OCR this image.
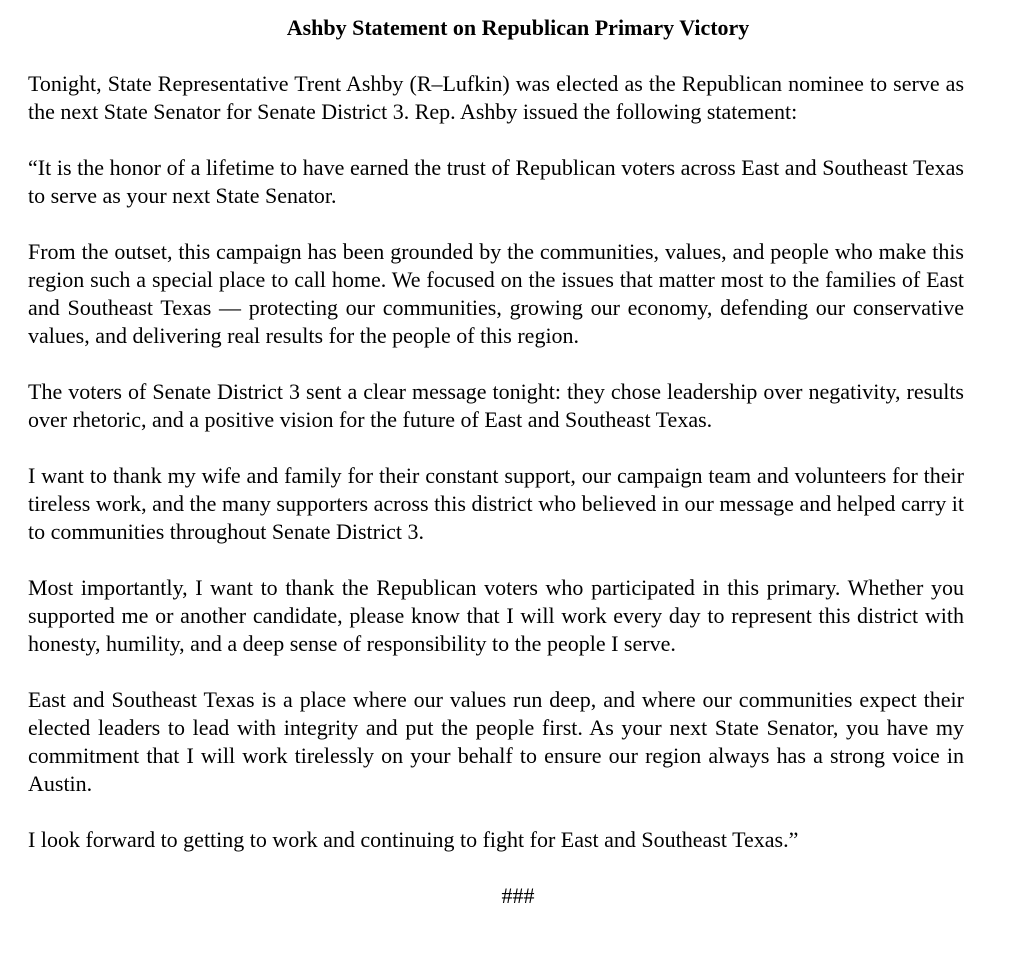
Ashby Statement on Republican Primary Victory

Tonight, State Representative Trent Ashby (R–Lufkin) was elected as the Republican nominee to serve as the next State Senator for Senate District 3. Rep. Ashby issued the following statement:

“It is the honor of a lifetime to have earned the trust of Republican voters across East and Southeast Texas to serve as your next State Senator.

From the outset, this campaign has been grounded by the communities, values, and people who make this region such a special place to call home. We focused on the issues that matter most to the families of East and Southeast Texas — protecting our communities, growing our economy, defending our conservative values, and delivering real results for the people of this region.

The voters of Senate District 3 sent a clear message tonight: they chose leadership over negativity, results over rhetoric, and a positive vision for the future of East and Southeast Texas.

I want to thank my wife and family for their constant support, our campaign team and volunteers for their tireless work, and the many supporters across this district who believed in our message and helped carry it to communities throughout Senate District 3.

Most importantly, I want to thank the Republican voters who participated in this primary. Whether you supported me or another candidate, please know that I will work every day to represent this district with honesty, humility, and a deep sense of responsibility to the people I serve.

East and Southeast Texas is a place where our values run deep, and where our communities expect their elected leaders to lead with integrity and put the people first. As your next State Senator, you have my commitment that I will work tirelessly on your behalf to ensure our region always has a strong voice in Austin.

I look forward to getting to work and continuing to fight for East and Southeast Texas.”

###
